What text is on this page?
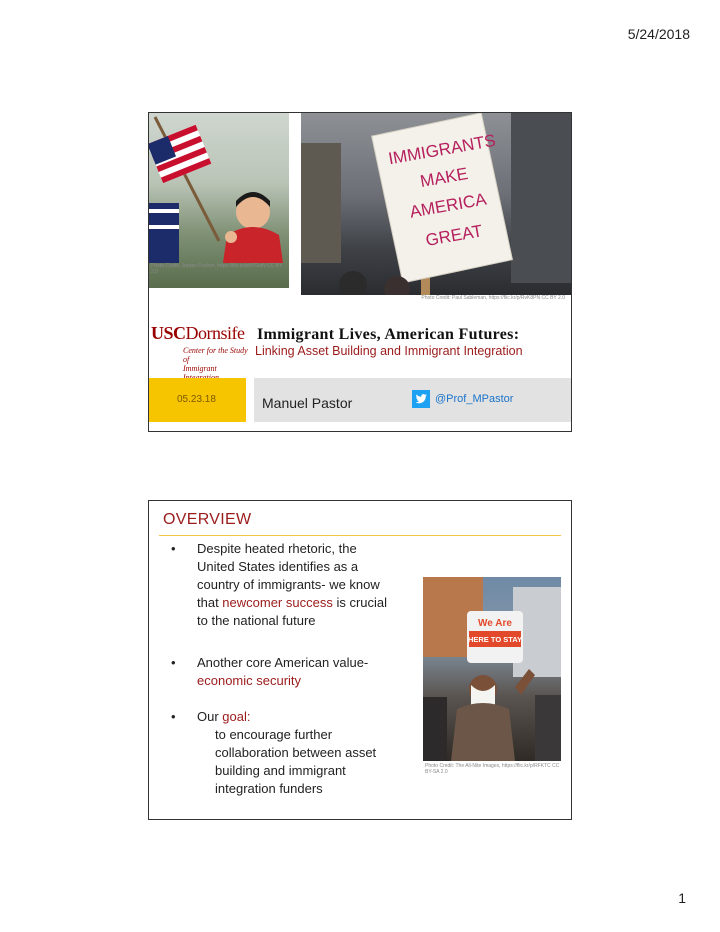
5/24/2018
IMMIGRANTS
MAKE
AMERICA
GREAT
Photo Credit: Jordan Fischer, https://flic.kr/p/rPGiaN CC BY 2.0
Photo Credit: Paul Sableman, https://flic.kr/p/RvK8PN CC BY 2.0
USCDornsife
Center for the Study of
Immigrant
Immigrant Lives, American Futures:
Linking Asset Building and Immigrant Integration
05.23.18	Manuel Pastor	@Prof_MPastor
OVERVIEW
• Despite heated rhetoric, the
United States identifies as a
country of immigrants- we know
that newcomer success is crucial
to the national future
• Another core American value-
economic security
• Our goal:
to encourage further
collaboration between asset
building and immigrant
integration funders
We Are
HERE TO STAY
Photo Credit: The All-Nite Images, https://flic.kr/p/RFKTC CC BY-SA 2.0
1
